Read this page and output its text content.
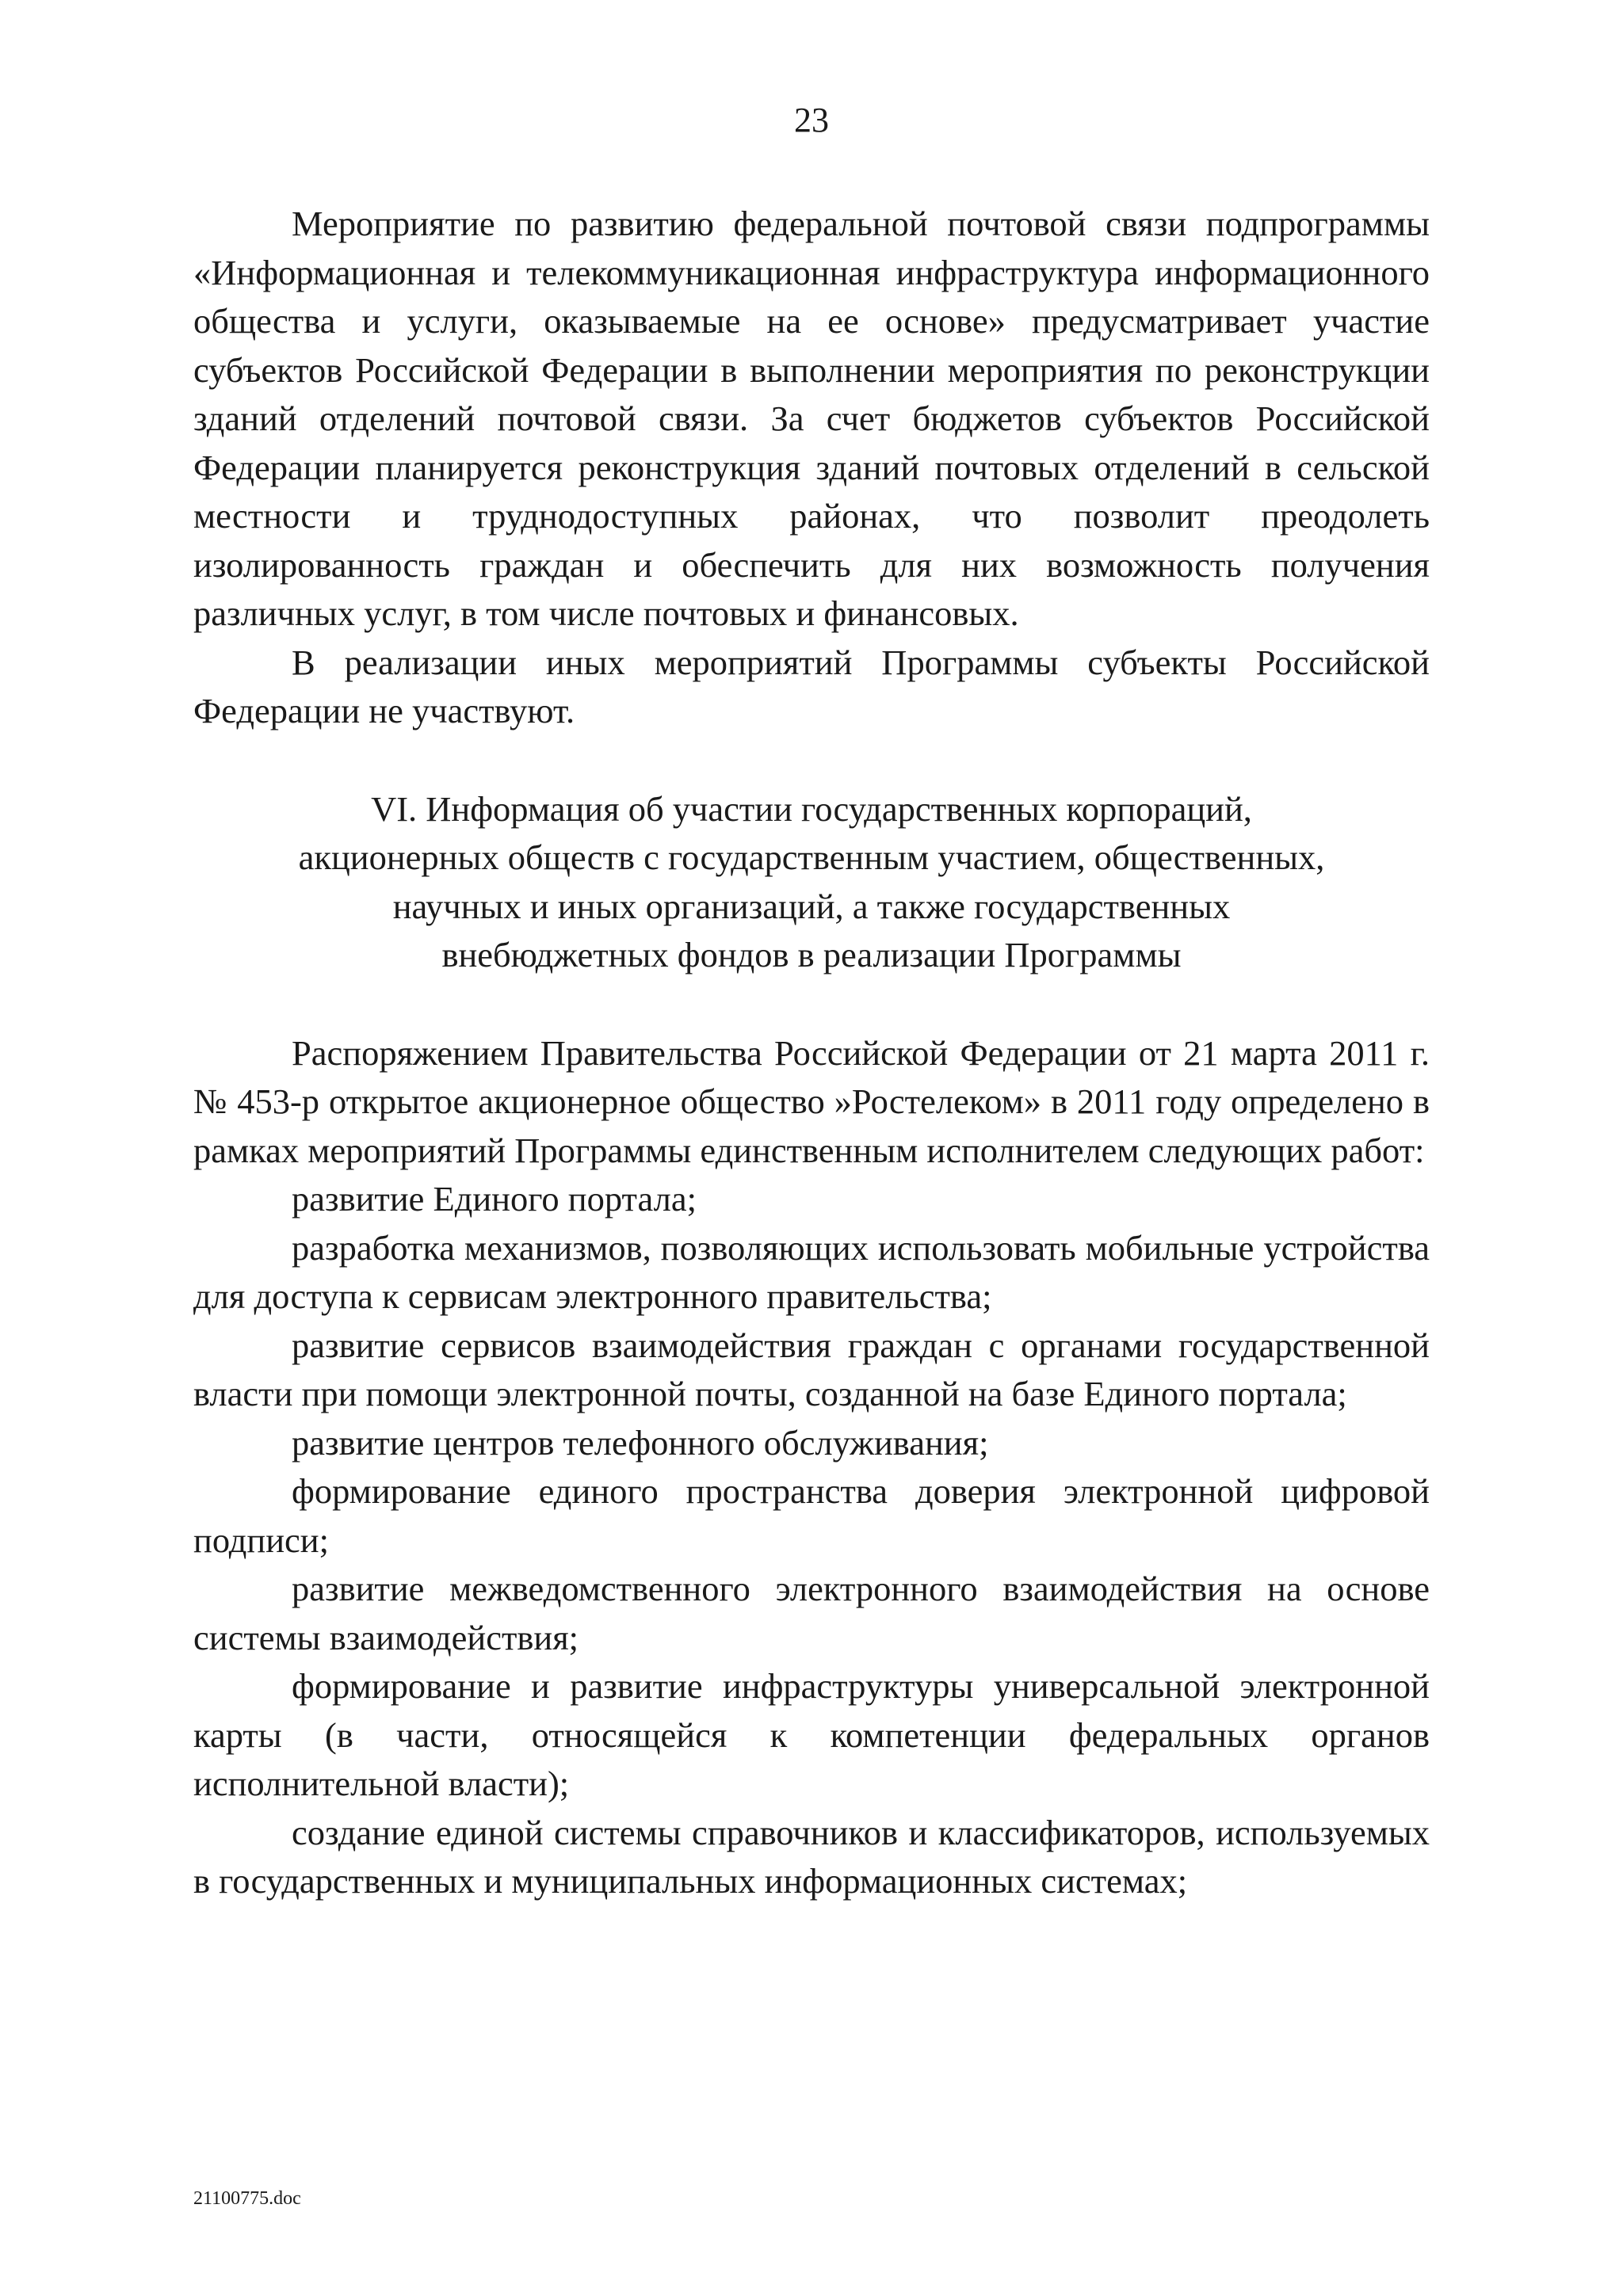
23

Мероприятие по развитию федеральной почтовой связи подпрограммы «Информационная и телекоммуникационная инфраструктура информационного общества и услуги, оказываемые на ее основе» предусматривает участие субъектов Российской Федерации в выполнении мероприятия по реконструкции зданий отделений почтовой связи. За счет бюджетов субъектов Российской Федерации планируется реконструкция зданий почтовых отделений в сельской местности и труднодоступных районах, что позволит преодолеть изолированность граждан и обеспечить для них возможность получения различных услуг, в том числе почтовых и финансовых.

В реализации иных мероприятий Программы субъекты Российской Федерации не участвуют.

VI. Информация об участии государственных корпораций,
акционерных обществ с государственным участием, общественных,
научных и иных организаций, а также государственных
внебюджетных фондов в реализации Программы

Распоряжением Правительства Российской Федерации от 21 марта 2011 г. № 453-р открытое акционерное общество »Ростелеком» в 2011 году определено в рамках мероприятий Программы единственным исполнителем следующих работ:

развитие Единого портала;

разработка механизмов, позволяющих использовать мобильные устройства для доступа к сервисам электронного правительства;

развитие сервисов взаимодействия граждан с органами государственной власти при помощи электронной почты, созданной на базе Единого портала;

развитие центров телефонного обслуживания;

формирование единого пространства доверия электронной цифровой подписи;

развитие межведомственного электронного взаимодействия на основе системы взаимодействия;

формирование и развитие инфраструктуры универсальной электронной карты (в части, относящейся к компетенции федеральных органов исполнительной власти);

создание единой системы справочников и классификаторов, используемых в государственных и муниципальных информационных системах;

21100775.doc
